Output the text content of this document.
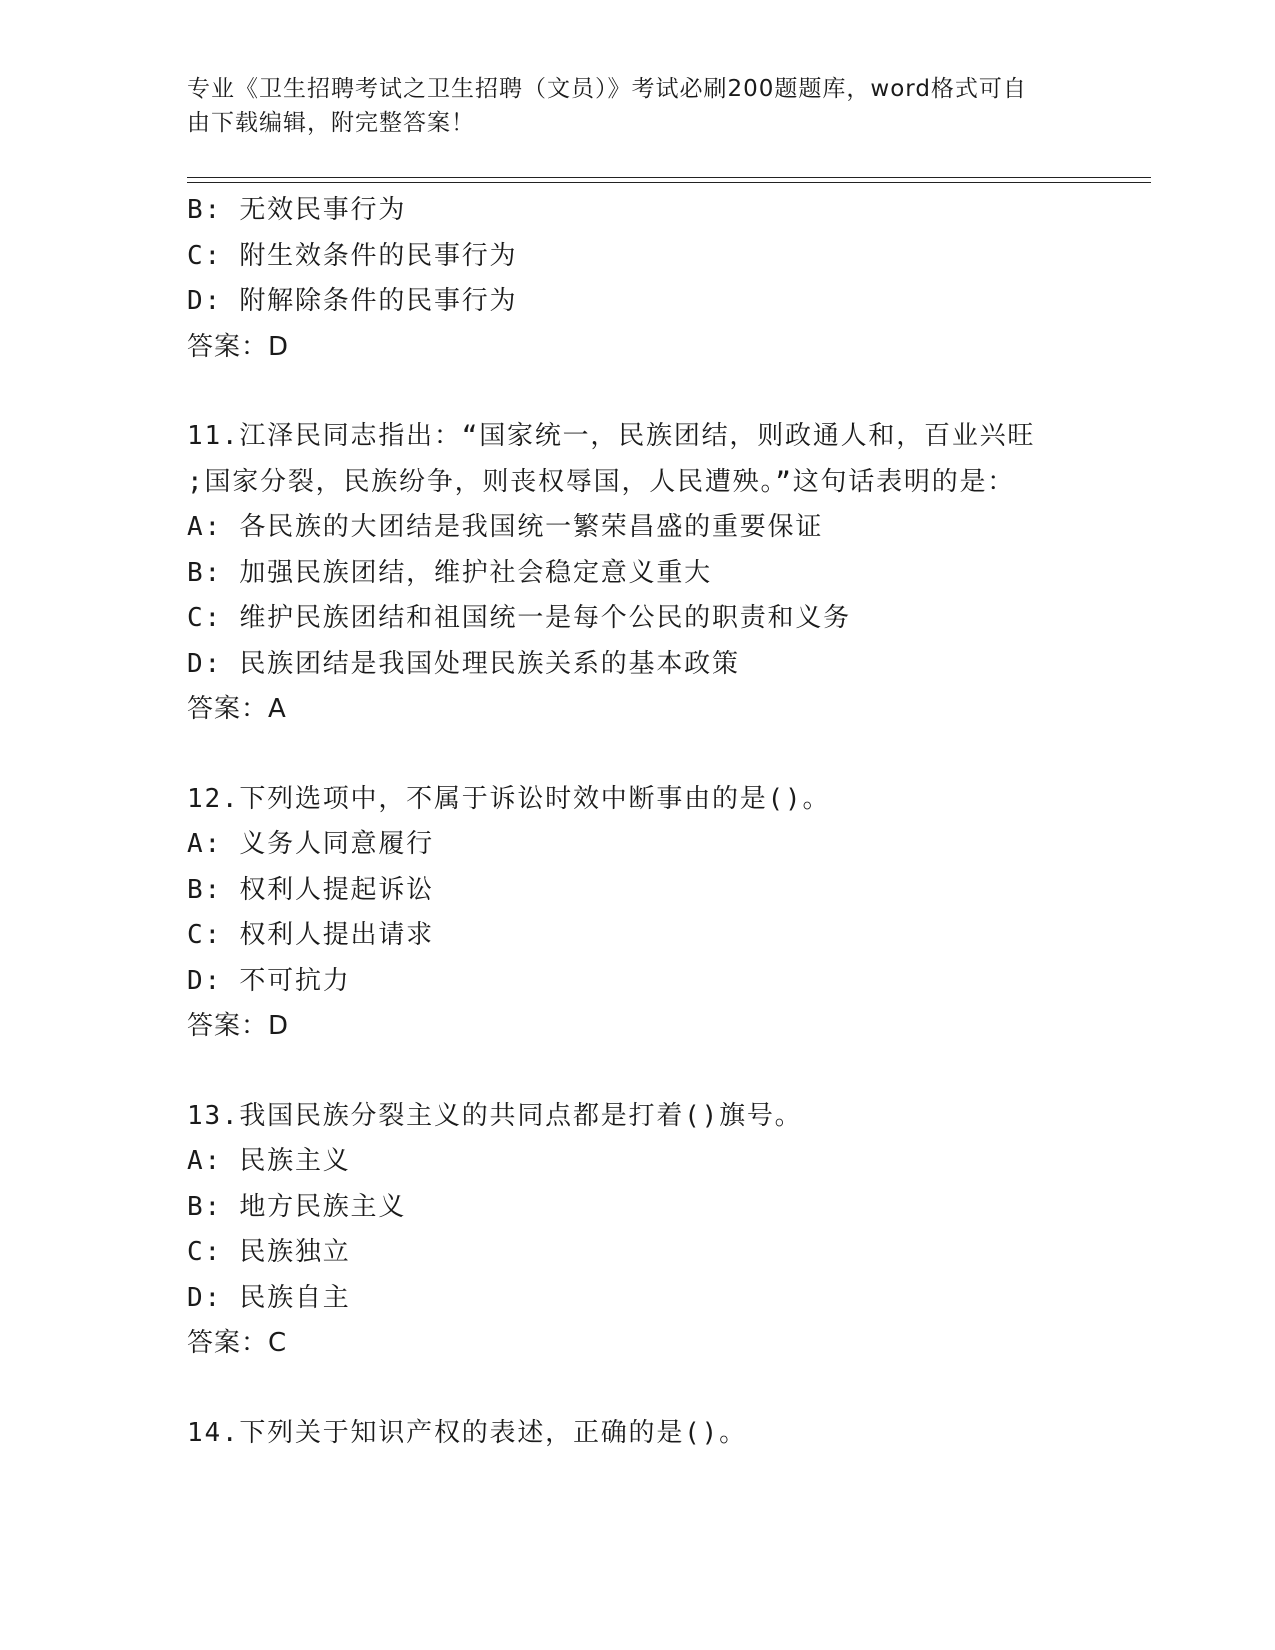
专业《卫生招聘考试之卫生招聘（文员）》考试必刷200题题库，word格式可自
由下载编辑，附完整答案！
B: 无效民事行为
C: 附生效条件的民事行为
D: 附解除条件的民事行为
答案：D
11.江泽民同志指出：“国家统一，民族团结，则政通人和，百业兴旺
;国家分裂，民族纷争，则丧权辱国，人民遭殃。”这句话表明的是：
A: 各民族的大团结是我国统一繁荣昌盛的重要保证
B: 加强民族团结，维护社会稳定意义重大
C: 维护民族团结和祖国统一是每个公民的职责和义务
D: 民族团结是我国处理民族关系的基本政策
答案：A
12.下列选项中，不属于诉讼时效中断事由的是()。
A: 义务人同意履行
B: 权利人提起诉讼
C: 权利人提出请求
D: 不可抗力
答案：D
13.我国民族分裂主义的共同点都是打着()旗号。
A: 民族主义
B: 地方民族主义
C: 民族独立
D: 民族自主
答案：C
14.下列关于知识产权的表述，正确的是()。
